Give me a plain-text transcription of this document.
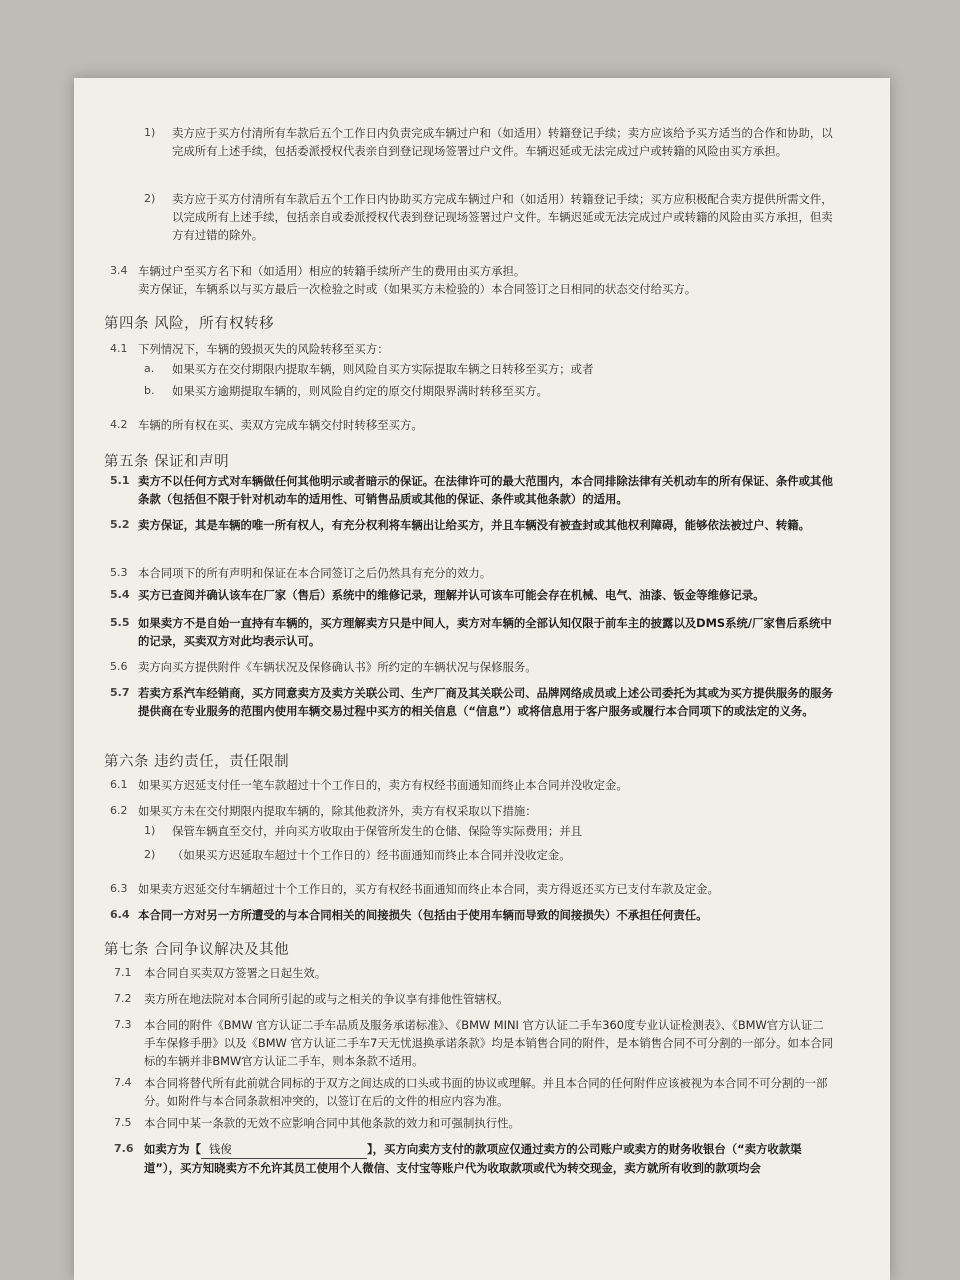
1)	卖方应于买方付清所有车款后五个工作日内负责完成车辆过户和（如适用）转籍登记手续；卖方应该给予买方适当的合作和协助，以完成所有上述手续，包括委派授权代表亲自到登记现场签署过户文件。车辆迟延或无法完成过户或转籍的风险由买方承担。
2)	卖方应于买方付清所有车款后五个工作日内协助买方完成车辆过户和（如适用）转籍登记手续；买方应积极配合卖方提供所需文件，以完成所有上述手续，包括亲自或委派授权代表到登记现场签署过户文件。车辆迟延或无法完成过户或转籍的风险由买方承担，但卖方有过错的除外。
3.4 车辆过户至买方名下和（如适用）相应的转籍手续所产生的费用由买方承担。
卖方保证，车辆系以与买方最后一次检验之时或（如果买方未检验的）本合同签订之日相同的状态交付给买方。
第四条 风险，所有权转移
4.1 下列情况下，车辆的毁损灭失的风险转移至买方：
a.	如果买方在交付期限内提取车辆，则风险自买方实际提取车辆之日转移至买方；或者
b.	如果买方逾期提取车辆的，则风险自约定的原交付期限界满时转移至买方。
4.2 车辆的所有权在买、卖双方完成车辆交付时转移至买方。
第五条 保证和声明
5.1 卖方不以任何方式对车辆做任何其他明示或者暗示的保证。在法律许可的最大范围内，本合同排除法律有关机动车的所有保证、条件或其他条款（包括但不限于针对机动车的适用性、可销售品质或其他的保证、条件或其他条款）的适用。
5.2 卖方保证，其是车辆的唯一所有权人，有充分权利将车辆出让给买方，并且车辆没有被查封或其他权利障碍，能够依法被过户、转籍。
5.3 本合同项下的所有声明和保证在本合同签订之后仍然具有充分的效力。
5.4 买方已查阅并确认该车在厂家（售后）系统中的维修记录，理解并认可该车可能会存在机械、电气、油漆、钣金等维修记录。
5.5 如果卖方不是自始一直持有车辆的，买方理解卖方只是中间人，卖方对车辆的全部认知仅限于前车主的披露以及DMS系统/厂家售后系统中的记录，买卖双方对此均表示认可。
5.6 卖方向买方提供附件《车辆状况及保修确认书》所约定的车辆状况与保修服务。
5.7 若卖方系汽车经销商，买方同意卖方及卖方关联公司、生产厂商及其关联公司、品牌网络成员或上述公司委托为其或为买方提供服务的服务提供商在专业服务的范围内使用车辆交易过程中买方的相关信息（“信息”）或将信息用于客户服务或履行本合同项下的或法定的义务。
第六条 违约责任，责任限制
6.1 如果买方迟延支付任一笔车款超过十个工作日的，卖方有权经书面通知而终止本合同并没收定金。
6.2 如果买方未在交付期限内提取车辆的，除其他救济外，卖方有权采取以下措施：
1)	保管车辆直至交付，并向买方收取由于保管所发生的仓储、保险等实际费用；并且
2)	（如果买方迟延取车超过十个工作日的）经书面通知而终止本合同并没收定金。
6.3 如果卖方迟延交付车辆超过十个工作日的，买方有权经书面通知而终止本合同，卖方得返还买方已支付车款及定金。
6.4 本合同一方对另一方所遭受的与本合同相关的间接损失（包括由于使用车辆而导致的间接损失）不承担任何责任。
第七条 合同争议解决及其他
7.1	本合同自买卖双方签署之日起生效。
7.2	卖方所在地法院对本合同所引起的或与之相关的争议享有排他性管辖权。
7.3	本合同的附件《BMW 官方认证二手车品质及服务承诺标准》、《BMW MINI 官方认证二手车360度专业认证检测表》、《BMW官方认证二手车保修手册》以及《BMW 官方认证二手车7天无忧退换承诺条款》均是本销售合同的附件，是本销售合同不可分割的一部分。如本合同标的车辆并非BMW官方认证二手车，则本条款不适用。
7.4	本合同将替代所有此前就合同标的于双方之间达成的口头或书面的协议或理解。并且本合同的任何附件应该被视为本合同不可分割的一部分。如附件与本合同条款相冲突的，以签订在后的文件的相应内容为准。
7.5	本合同中某一条款的无效不应影响合同中其他条款的效力和可强制执行性。
7.6 如卖方为【 钱俊	】，买方向卖方支付的款项应仅通过卖方的公司账户或卖方的财务收银台（“卖方收款渠道”），买方知晓卖方不允许其员工使用个人微信、支付宝等账户代为收取款项或代为转交现金，卖方就所有收到的款项均会
